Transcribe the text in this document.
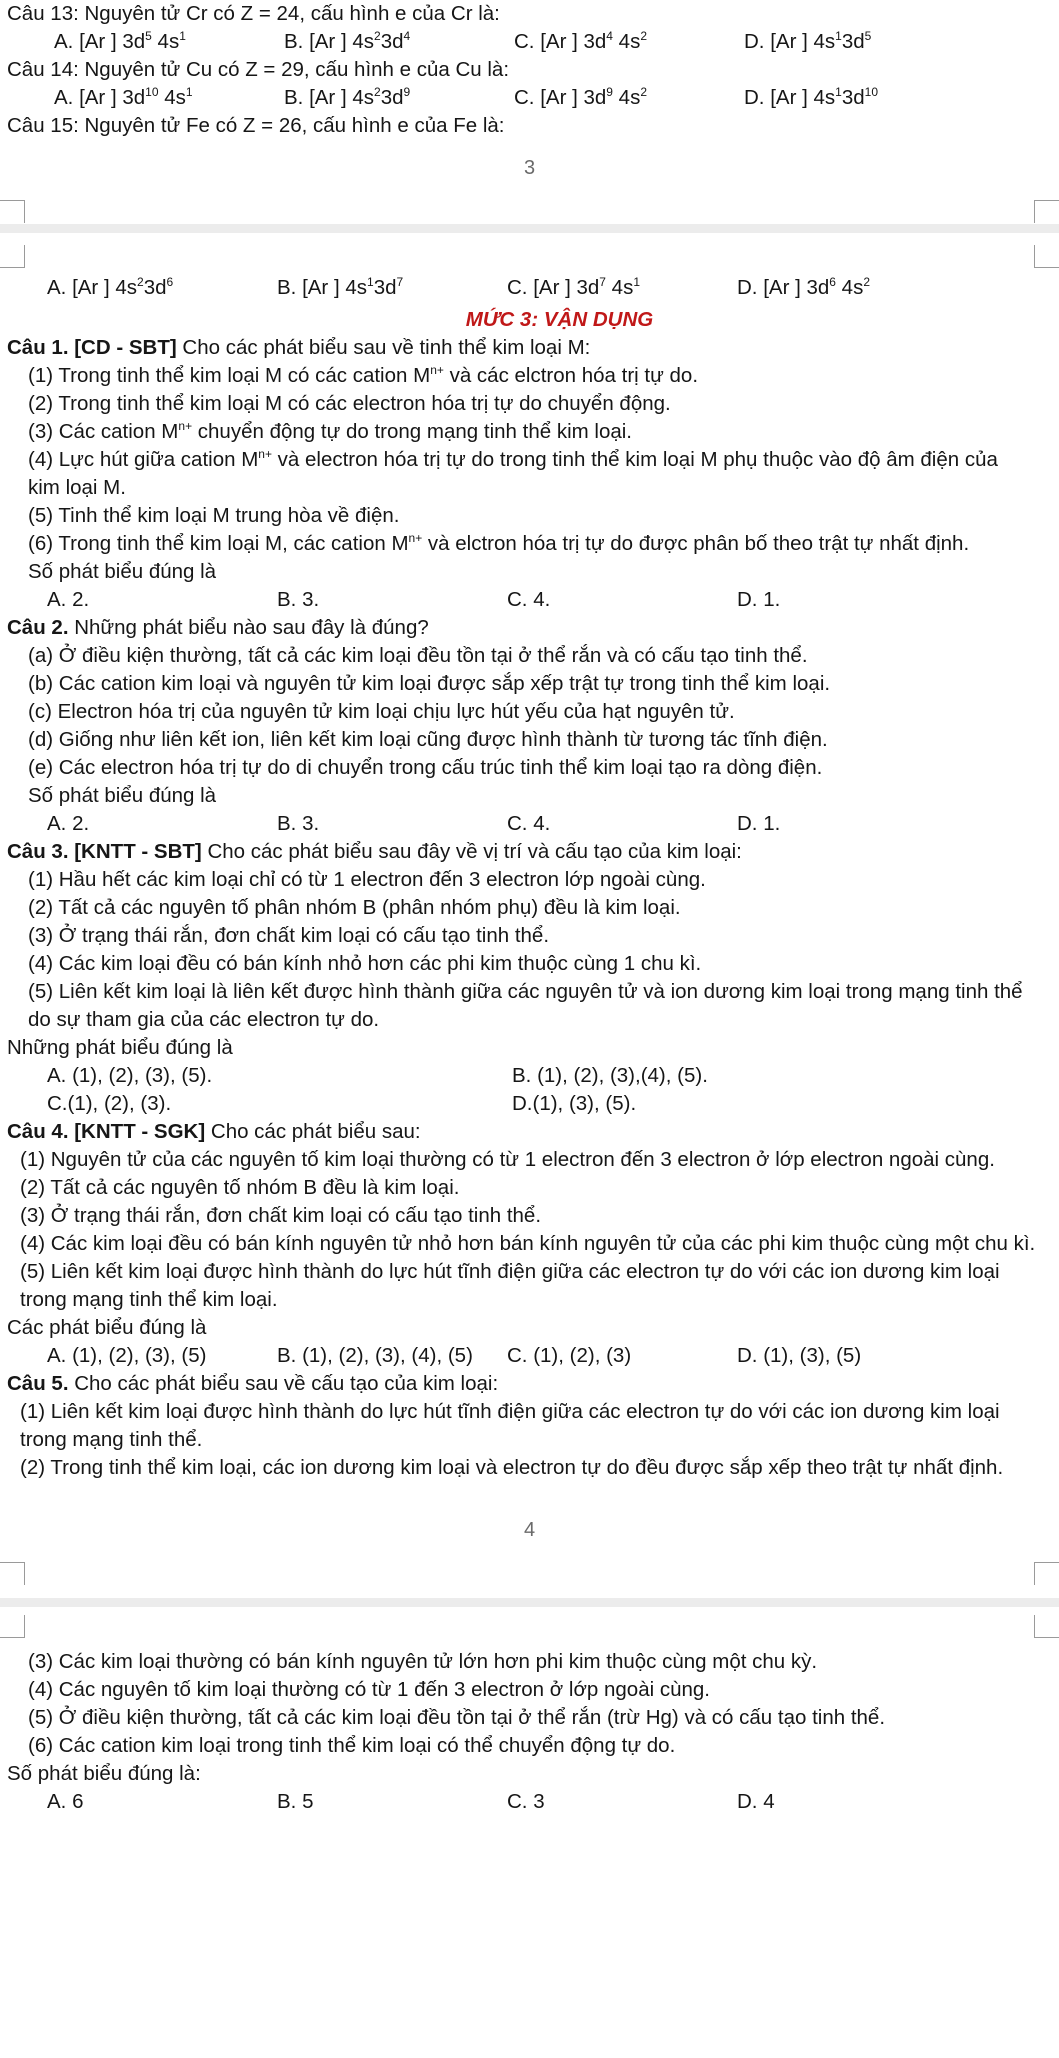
Câu 13: Nguyên tử Cr có Z = 24, cấu hình e của Cr là:
A. [Ar ] $3d^5$ $4s^1$	B. [Ar ] $4s^23d^4$	C. [Ar ] $3d^4$ $4s^2$	D. [Ar ] $4s^13d^5$
Câu 14: Nguyên tử Cu có Z = 29, cấu hình e của Cu là:
A. [Ar ] $3d^{10}$ $4s^1$	B. [Ar ] $4s^23d^9$	C. [Ar ] $3d^9$ $4s^2$	D. [Ar ] $4s^13d^{10}$
Câu 15: Nguyên tử Fe có Z = 26, cấu hình e của Fe là:
3
A. [Ar ] $4s^23d^6$	B. [Ar ] $4s^13d^7$	C. [Ar ] $3d^7$ $4s^1$	D. [Ar ] $3d^6$ $4s^2$
MỨC 3: VẬN DỤNG
Câu 1. [CD - SBT] Cho các phát biểu sau về tinh thể kim loại M:
(1) Trong tinh thể kim loại M có các cation $M^{n+}$ và các elctron hóa trị tự do.
(2) Trong tinh thể kim loại M có các electron hóa trị tự do chuyển động.
(3) Các cation $M^{n+}$ chuyển động tự do trong mạng tinh thể kim loại.
(4) Lực hút giữa cation $M^{n+}$ và electron hóa trị tự do trong tinh thể kim loại M phụ thuộc vào độ âm điện của kim loại M.
(5) Tinh thể kim loại M trung hòa về điện.
(6) Trong tinh thể kim loại M, các cation $M^{n+}$ và elctron hóa trị tự do được phân bố theo trật tự nhất định.
Số phát biểu đúng là
A. 2.	B. 3.	C. 4.	D. 1.
Câu 2. Những phát biểu nào sau đây là đúng?
(a) Ở điều kiện thường, tất cả các kim loại đều tồn tại ở thể rắn và có cấu tạo tinh thể.
(b) Các cation kim loại và nguyên tử kim loại được sắp xếp trật tự trong tinh thể kim loại.
(c) Electron hóa trị của nguyên tử kim loại chịu lực hút yếu của hạt nguyên tử.
(d) Giống như liên kết ion, liên kết kim loại cũng được hình thành từ tương tác tĩnh điện.
(e) Các electron hóa trị tự do di chuyển trong cấu trúc tinh thể kim loại tạo ra dòng điện.
Số phát biểu đúng là
A. 2.	B. 3.	C. 4.	D. 1.
Câu 3. [KNTT - SBT] Cho các phát biểu sau đây về vị trí và cấu tạo của kim loại:
(1) Hầu hết các kim loại chỉ có từ 1 electron đến 3 electron lớp ngoài cùng.
(2) Tất cả các nguyên tố phân nhóm B (phân nhóm phụ) đều là kim loại.
(3) Ở trạng thái rắn, đơn chất kim loại có cấu tạo tinh thể.
(4) Các kim loại đều có bán kính nhỏ hơn các phi kim thuộc cùng 1 chu kì.
(5) Liên kết kim loại là liên kết được hình thành giữa các nguyên tử và ion dương kim loại trong mạng tinh thể do sự tham gia của các electron tự do.
Những phát biểu đúng là
A. (1), (2), (3), (5).	B. (1), (2), (3),(4), (5).
C.(1), (2), (3).	D.(1), (3), (5).
Câu 4. [KNTT - SGK] Cho các phát biểu sau:
(1) Nguyên tử của các nguyên tố kim loại thường có từ 1 electron đến 3 electron ở lớp electron ngoài cùng.
(2) Tất cả các nguyên tố nhóm B đều là kim loại.
(3) Ở trạng thái rắn, đơn chất kim loại có cấu tạo tinh thể.
(4) Các kim loại đều có bán kính nguyên tử nhỏ hơn bán kính nguyên tử của các phi kim thuộc cùng một chu kì.
(5) Liên kết kim loại được hình thành do lực hút tĩnh điện giữa các electron tự do với các ion dương kim loại trong mạng tinh thể kim loại.
Các phát biểu đúng là
A. (1), (2), (3), (5)	B. (1), (2), (3), (4), (5)	C. (1), (2), (3)	D. (1), (3), (5)
Câu 5. Cho các phát biểu sau về cấu tạo của kim loại:
(1) Liên kết kim loại được hình thành do lực hút tĩnh điện giữa các electron tự do với các ion dương kim loại trong mạng tinh thể.
(2) Trong tinh thể kim loại, các ion dương kim loại và electron tự do đều được sắp xếp theo trật tự nhất định.
4
(3) Các kim loại thường có bán kính nguyên tử lớn hơn phi kim thuộc cùng một chu kỳ.
(4) Các nguyên tố kim loại thường có từ 1 đến 3 electron ở lớp ngoài cùng.
(5) Ở điều kiện thường, tất cả các kim loại đều tồn tại ở thể rắn (trừ Hg) và có cấu tạo tinh thể.
(6) Các cation kim loại trong tinh thể kim loại có thể chuyển động tự do.
Số phát biểu đúng là:
A. 6	B. 5	C. 3	D. 4
